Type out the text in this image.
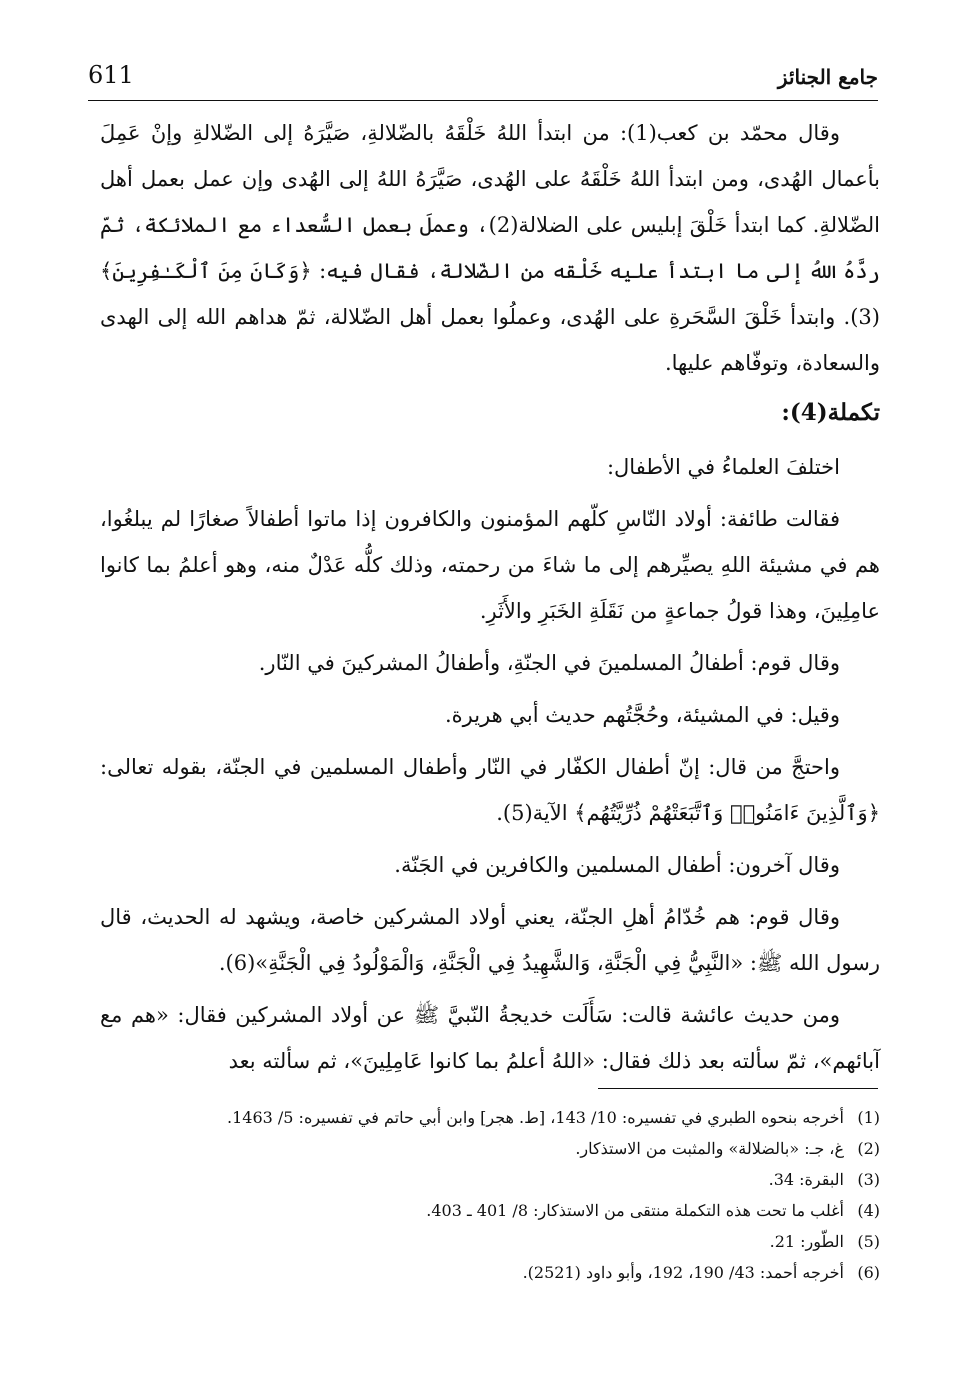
611	جامع الجنائز

وقال محمّد بن كعب(1): من ابتدأ اللهُ خَلْقَهُ بالضّلالةِ، صَيَّرَهُ إلى الضّلالةِ وإنْ عَمِلَ بأعمال الهُدى، ومن ابتدأ اللهُ خَلْقَهُ على الهُدى، صَيَّرَهُ اللهُ إلى الهُدى وإن عمل بعمل أهل الضّلالةِ. كما ابتدأ خَلْقَ إبليس على الضلالة(2)، وعملَ بعمل السُّعداء مع الملائكة، ثمّ ردَّهُ اللهُ إلى ما ابتدأ عليه خَلْقه من الضّلالة، فقال فيه: ﴿وَكَانَ مِنَ ٱلْكَـٰفِرِينَ﴾(3). وابتدأ خَلْقَ السَّحَرةِ على الهُدى، وعملُوا بعمل أهل الضّلالة، ثمّ هداهم الله إلى الهدى والسعادة، وتوفّاهم عليها.

تكملة(4):

اختلفَ العلماءُ في الأطفال:

فقالت طائفة: أولاد النّاسِ كلّهم المؤمنون والكافرون إذا ماتوا أطفالاً صغارًا لم يبلغُوا، هم في مشيئة اللهِ يصيِّرهم إلى ما شاءَ من رحمته، وذلك كلُّه عَدْلٌ منه، وهو أعلمُ بما كانوا عامِلِينَ، وهذا قولُ جماعةٍ من نَقَلَةِ الخَبَرِ والأَثَرِ.

وقال قوم: أطفالُ المسلمينَ في الجنّةِ، وأطفالُ المشركينَ في النّار.

وقيل: في المشيئة، وحُجَّتُهم حديث أبي هريرة.

واحتجَّ من قال: إنّ أطفال الكفّار في النّار وأطفال المسلمين في الجنّة، بقوله تعالى: ﴿وَٱلَّذِينَ ءَامَنُوا۟ وَٱتَّبَعَتْهُمْ ذُرِّيَّتُهُم﴾ الآية(5).

وقال آخرون: أطفال المسلمين والكافرين في الجَنّة.

وقال قوم: هم خُدّامُ أهلِ الجنّة، يعني أولاد المشركين خاصة، ويشهد له الحديث، قال رسول الله ﷺ: «النَّبِيُّ فِي الْجَنَّةِ، وَالشَّهِيدُ فِي الْجَنَّةِ، وَالْمَوْلُودُ فِي الْجَنَّةِ»(6).

ومن حديث عائشة قالت: سَأَلَت خديجةُ النّبيَّ ﷺ عن أولاد المشركين فقال: «هم مع آبائهم»، ثمّ سألته بعد ذلك فقال: «اللهُ أعلمُ بما كانوا عَامِلِينَ»، ثم سألته بعد

(1)
أخرجه بنحوه الطبري في تفسيره: 10/ 143، [ط. هجر] وابن أبي حاتم في تفسيره: 5/ 1463.
(2)
غ، جـ: «بالضلالة» والمثبت من الاستذكار.
(3)
البقرة: 34.
(4)
أغلب ما تحت هذه التكملة منتقى من الاستذكار: 8/ 401 ـ 403.
(5)
الطّور: 21.
(6)
أخرجه أحمد: 43/ 190، 192، وأبو داود (2521).
